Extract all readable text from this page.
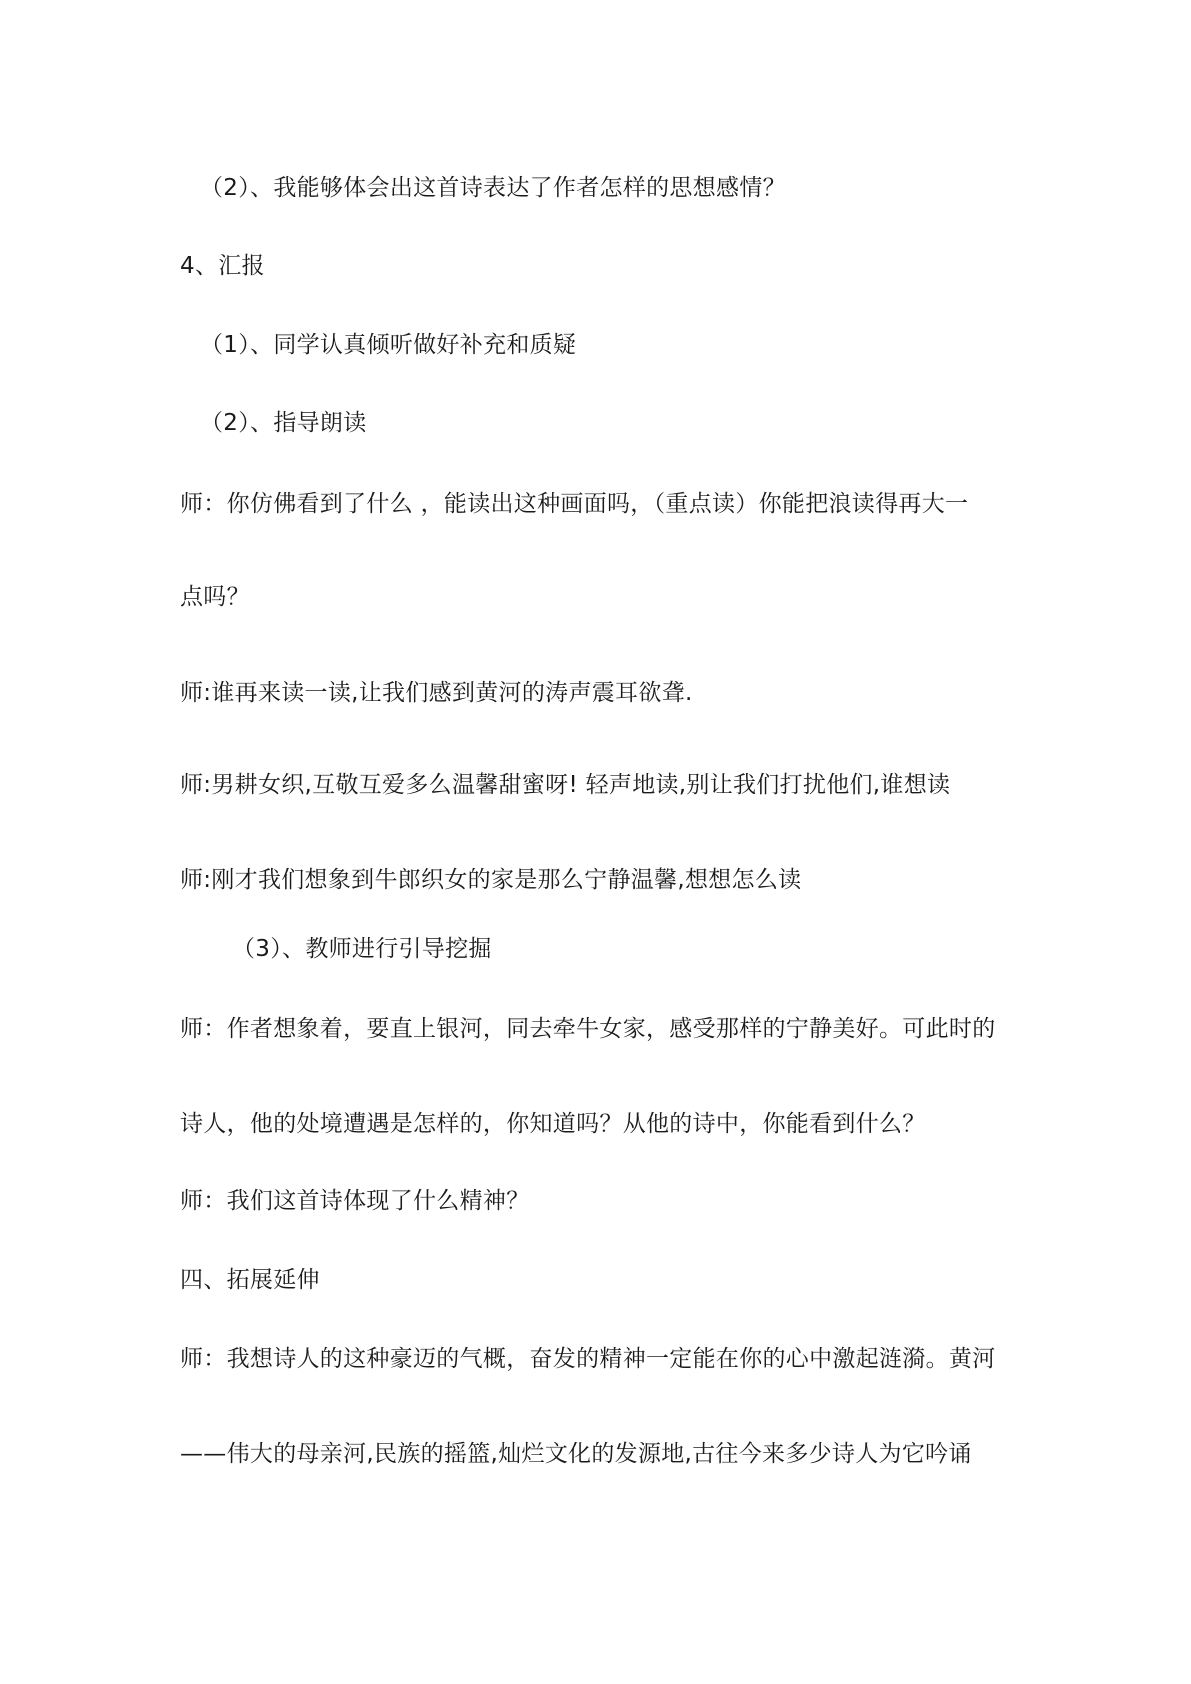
（2）、我能够体会出这首诗表达了作者怎样的思想感情？
4、汇报
（1）、同学认真倾听做好补充和质疑
（2）、指导朗读
师：你仿佛看到了什么 ，能读出这种画面吗，（重点读）你能把浪读得再大一
点吗？
师:谁再来读一读,让我们感到黄河的涛声震耳欲聋.
师:男耕女织,互敬互爱多么温馨甜蜜呀! 轻声地读,别让我们打扰他们,谁想读
师:刚才我们想象到牛郎织女的家是那么宁静温馨,想想怎么读
（3）、教师进行引导挖掘
师：作者想象着，要直上银河，同去牵牛女家，感受那样的宁静美好。可此时的
诗人，他的处境遭遇是怎样的，你知道吗？从他的诗中，你能看到什么？
师：我们这首诗体现了什么精神？
四、拓展延伸
师：我想诗人的这种豪迈的气概，奋发的精神一定能在你的心中激起涟漪。黄河
——伟大的母亲河,民族的摇篮,灿烂文化的发源地,古往今来多少诗人为它吟诵
